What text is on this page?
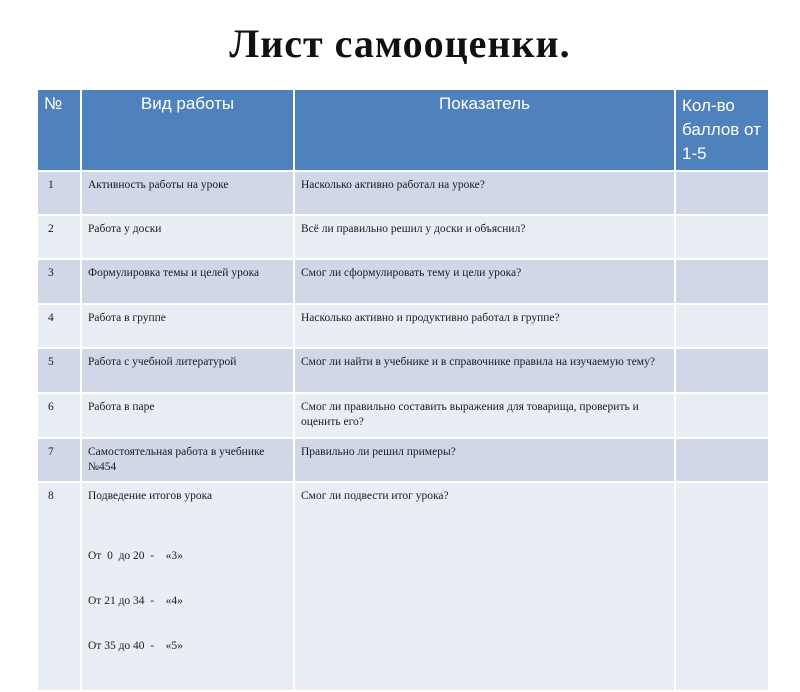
Лист самооценки.
№	Вид работы	Показатель	Кол-во баллов от 1-5
1	Активность работы на уроке	Насколько активно работал на уроке?	
2	Работа у доски	Всё ли правильно решил у доски и объяснил?	
3	Формулировка темы и целей урока	Смог ли сформулировать тему и цели урока?	
4	Работа в группе	Насколько активно и продуктивно работал в группе?	
5	Работа с учебной литературой	Смог ли найти в учебнике и в справочнике правила на изучаемую тему?	
6	Работа в паре	Смог ли правильно составить выражения для товарища, проверить и оценить его?	
7	Самостоятельная работа в учебнике №454	Правильно ли решил примеры?	
8	Подведение итогов урока

От  0  до 20  -    «3»

От 21 до 34  -    «4»

От 35 до 40  -    «5»	Смог ли подвести итог урока?	
